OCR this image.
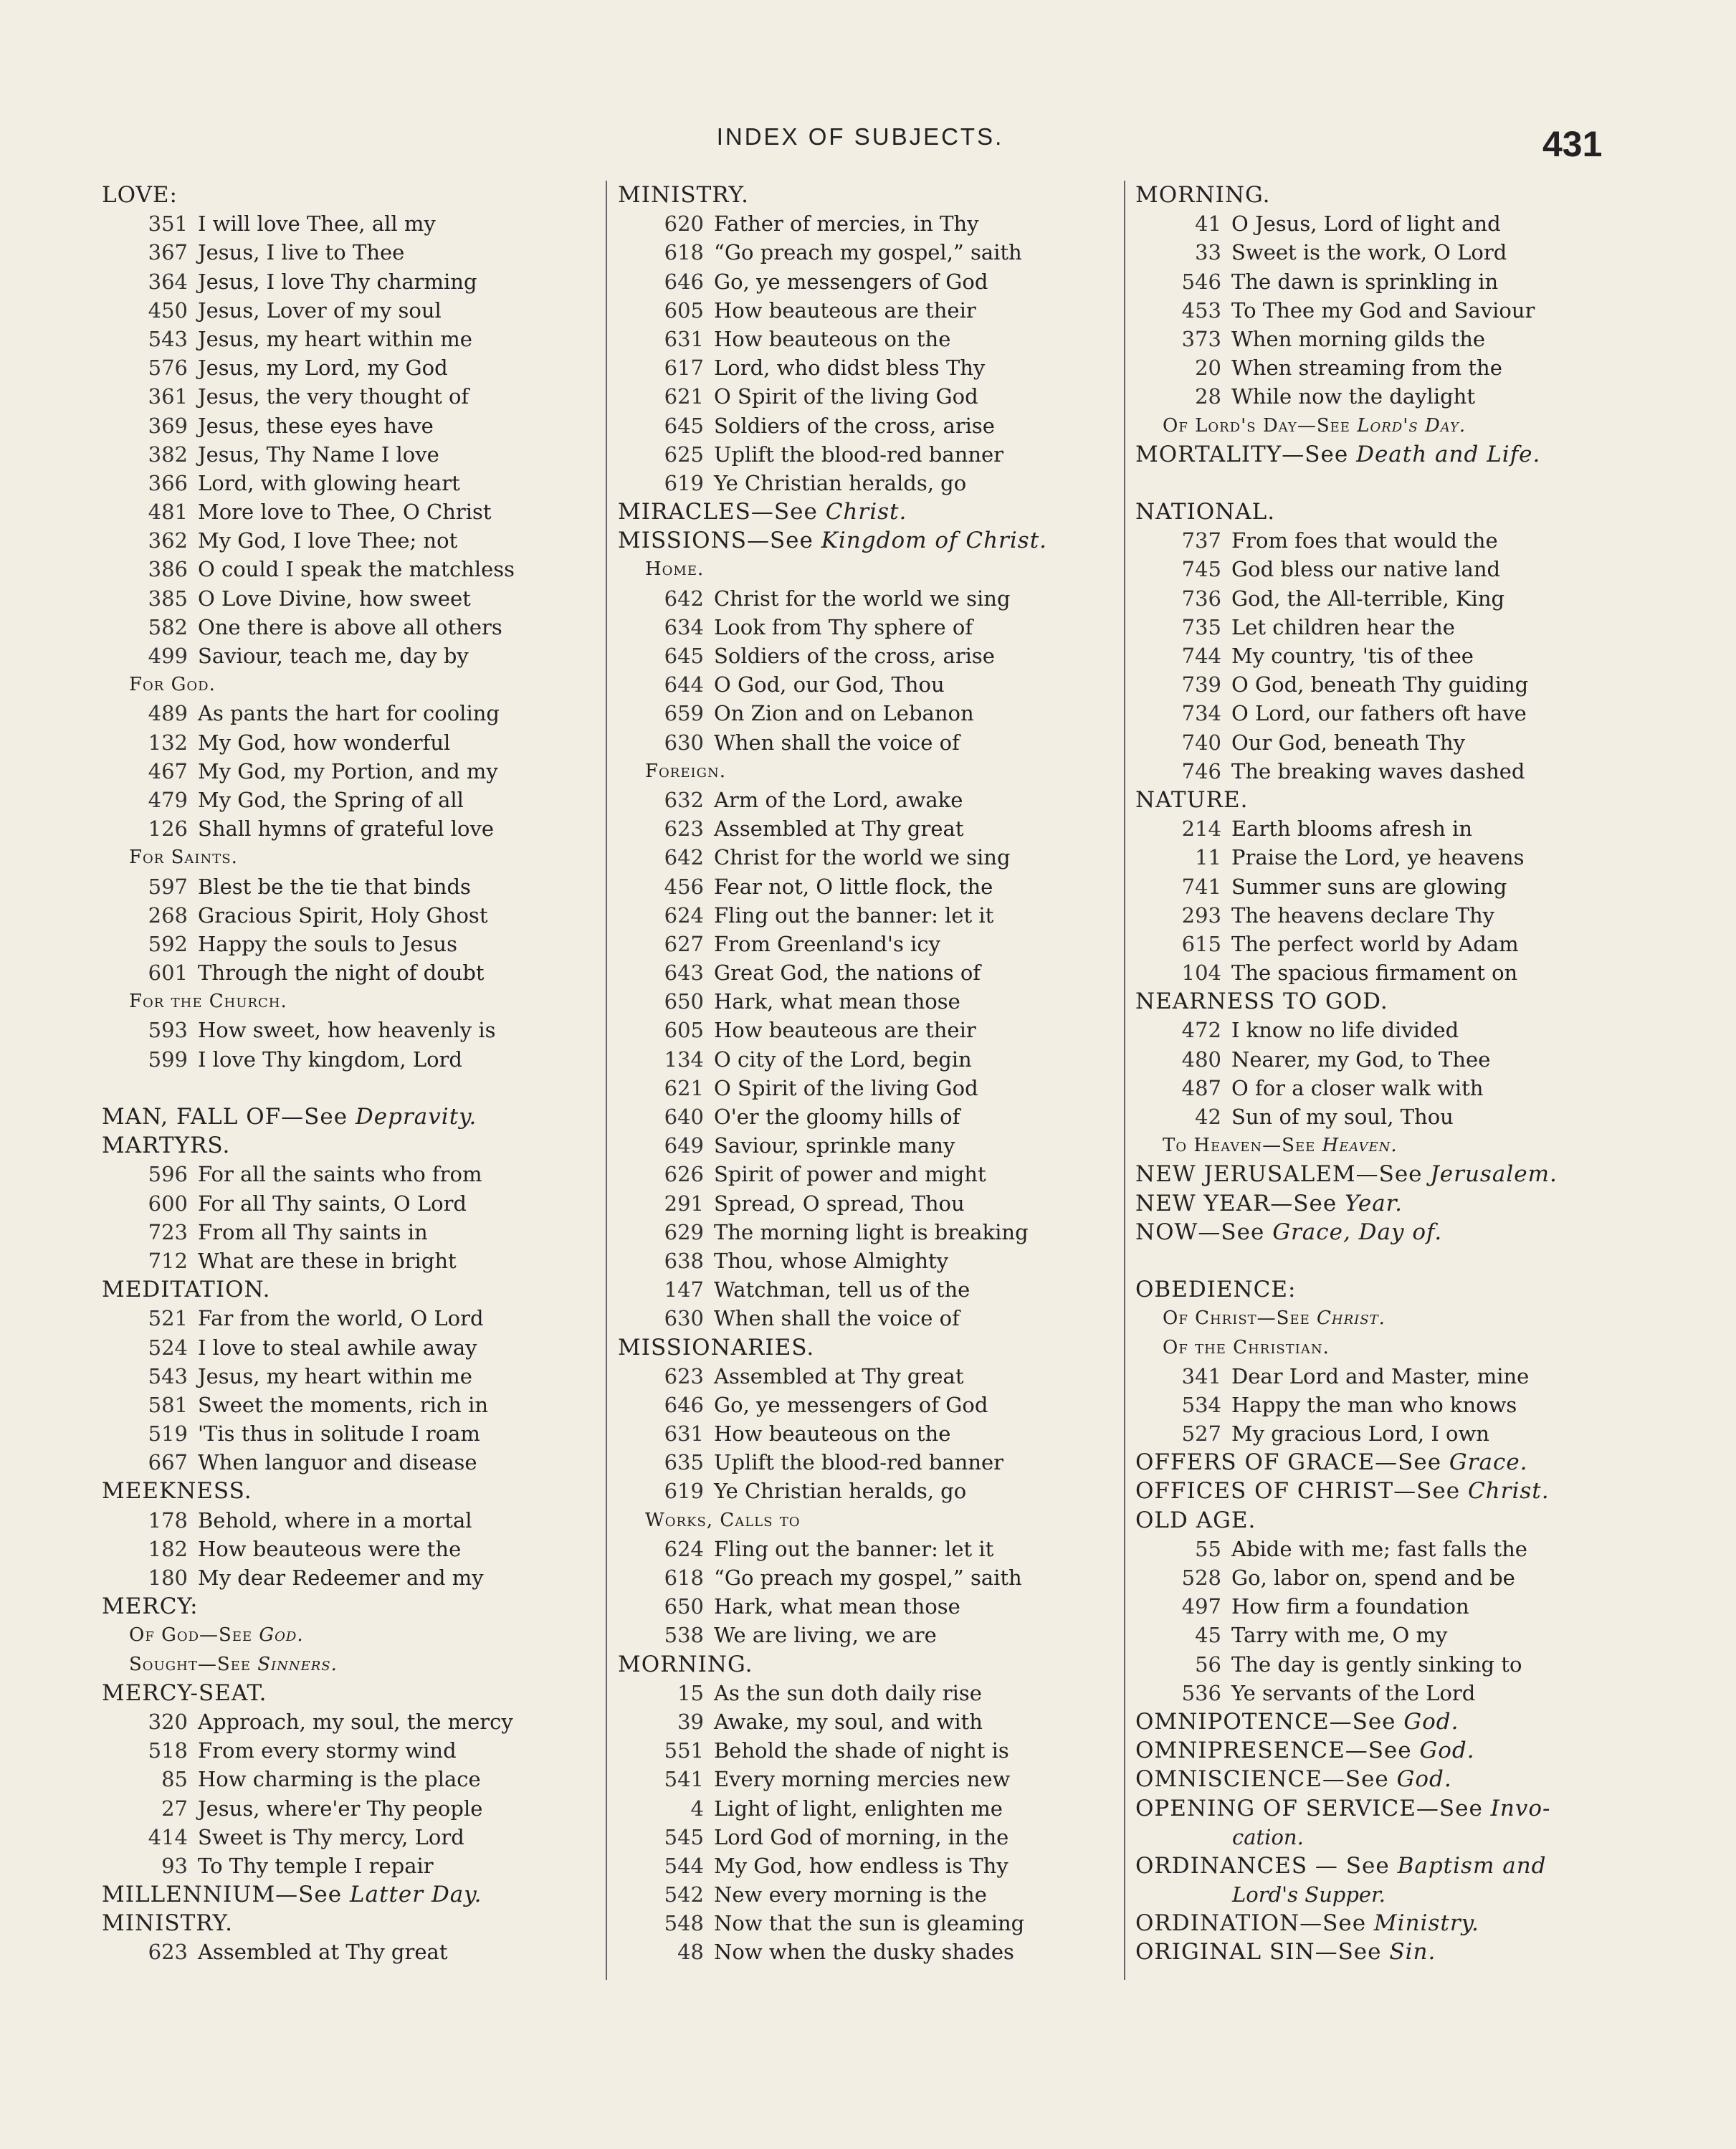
INDEX OF SUBJECTS.	431
LOVE:
351 I will love Thee, all my
367 Jesus, I live to Thee
364 Jesus, I love Thy charming
450 Jesus, Lover of my soul
543 Jesus, my heart within me
576 Jesus, my Lord, my God
361 Jesus, the very thought of
369 Jesus, these eyes have
382 Jesus, Thy Name I love
366 Lord, with glowing heart
481 More love to Thee, O Christ
362 My God, I love Thee; not
386 O could I speak the matchless
385 O Love Divine, how sweet
582 One there is above all others
499 Saviour, teach me, day by
For God.
489 As pants the hart for cooling
132 My God, how wonderful
467 My God, my Portion, and my
479 My God, the Spring of all
126 Shall hymns of grateful love
For Saints.
597 Blest be the tie that binds
268 Gracious Spirit, Holy Ghost
592 Happy the souls to Jesus
601 Through the night of doubt
For the Church.
593 How sweet, how heavenly is
599 I love Thy kingdom, Lord
MAN, FALL OF—See Depravity.
MARTYRS.
596 For all the saints who from
600 For all Thy saints, O Lord
723 From all Thy saints in
712 What are these in bright
MEDITATION.
521 Far from the world, O Lord
524 I love to steal awhile away
543 Jesus, my heart within me
581 Sweet the moments, rich in
519 'Tis thus in solitude I roam
667 When languor and disease
MEEKNESS.
178 Behold, where in a mortal
182 How beauteous were the
180 My dear Redeemer and my
MERCY:
Of God—See God.
Sought—See Sinners.
MERCY-SEAT.
320 Approach, my soul, the mercy
518 From every stormy wind
85 How charming is the place
27 Jesus, where'er Thy people
414 Sweet is Thy mercy, Lord
93 To Thy temple I repair
MILLENNIUM—See Latter Day.
MINISTRY.
623 Assembled at Thy great
MINISTRY.
620 Father of mercies, in Thy
618 “Go preach my gospel,” saith
646 Go, ye messengers of God
605 How beauteous are their
631 How beauteous on the
617 Lord, who didst bless Thy
621 O Spirit of the living God
645 Soldiers of the cross, arise
625 Uplift the blood-red banner
619 Ye Christian heralds, go
MIRACLES—See Christ.
MISSIONS—See Kingdom of Christ.
Home.
642 Christ for the world we sing
634 Look from Thy sphere of
645 Soldiers of the cross, arise
644 O God, our God, Thou
659 On Zion and on Lebanon
630 When shall the voice of
Foreign.
632 Arm of the Lord, awake
623 Assembled at Thy great
642 Christ for the world we sing
456 Fear not, O little flock, the
624 Fling out the banner: let it
627 From Greenland's icy
643 Great God, the nations of
650 Hark, what mean those
605 How beauteous are their
134 O city of the Lord, begin
621 O Spirit of the living God
640 O'er the gloomy hills of
649 Saviour, sprinkle many
626 Spirit of power and might
291 Spread, O spread, Thou
629 The morning light is breaking
638 Thou, whose Almighty
147 Watchman, tell us of the
630 When shall the voice of
MISSIONARIES.
623 Assembled at Thy great
646 Go, ye messengers of God
631 How beauteous on the
635 Uplift the blood-red banner
619 Ye Christian heralds, go
Works, Calls to
624 Fling out the banner: let it
618 “Go preach my gospel,” saith
650 Hark, what mean those
538 We are living, we are
MORNING.
15 As the sun doth daily rise
39 Awake, my soul, and with
551 Behold the shade of night is
541 Every morning mercies new
4 Light of light, enlighten me
545 Lord God of morning, in the
544 My God, how endless is Thy
542 New every morning is the
548 Now that the sun is gleaming
48 Now when the dusky shades
MORNING.
41 O Jesus, Lord of light and
33 Sweet is the work, O Lord
546 The dawn is sprinkling in
453 To Thee my God and Saviour
373 When morning gilds the
20 When streaming from the
28 While now the daylight
Of Lord's Day—See Lord's Day.
MORTALITY—See Death and Life.
NATIONAL.
737 From foes that would the
745 God bless our native land
736 God, the All-terrible, King
735 Let children hear the
744 My country, 'tis of thee
739 O God, beneath Thy guiding
734 O Lord, our fathers oft have
740 Our God, beneath Thy
746 The breaking waves dashed
NATURE.
214 Earth blooms afresh in
11 Praise the Lord, ye heavens
741 Summer suns are glowing
293 The heavens declare Thy
615 The perfect world by Adam
104 The spacious firmament on
NEARNESS TO GOD.
472 I know no life divided
480 Nearer, my God, to Thee
487 O for a closer walk with
42 Sun of my soul, Thou
To Heaven—See Heaven.
NEW JERUSALEM—See Jerusalem.
NEW YEAR—See Year.
NOW—See Grace, Day of.
OBEDIENCE:
Of Christ—See Christ.
Of the Christian.
341 Dear Lord and Master, mine
534 Happy the man who knows
527 My gracious Lord, I own
OFFERS OF GRACE—See Grace.
OFFICES OF CHRIST—See Christ.
OLD AGE.
55 Abide with me; fast falls the
528 Go, labor on, spend and be
497 How firm a foundation
45 Tarry with me, O my
56 The day is gently sinking to
536 Ye servants of the Lord
OMNIPOTENCE—See God.
OMNIPRESENCE—See God.
OMNISCIENCE—See God.
OPENING OF SERVICE—See Invo-
cation.
ORDINANCES — See Baptism and
Lord's Supper.
ORDINATION—See Ministry.
ORIGINAL SIN—See Sin.
